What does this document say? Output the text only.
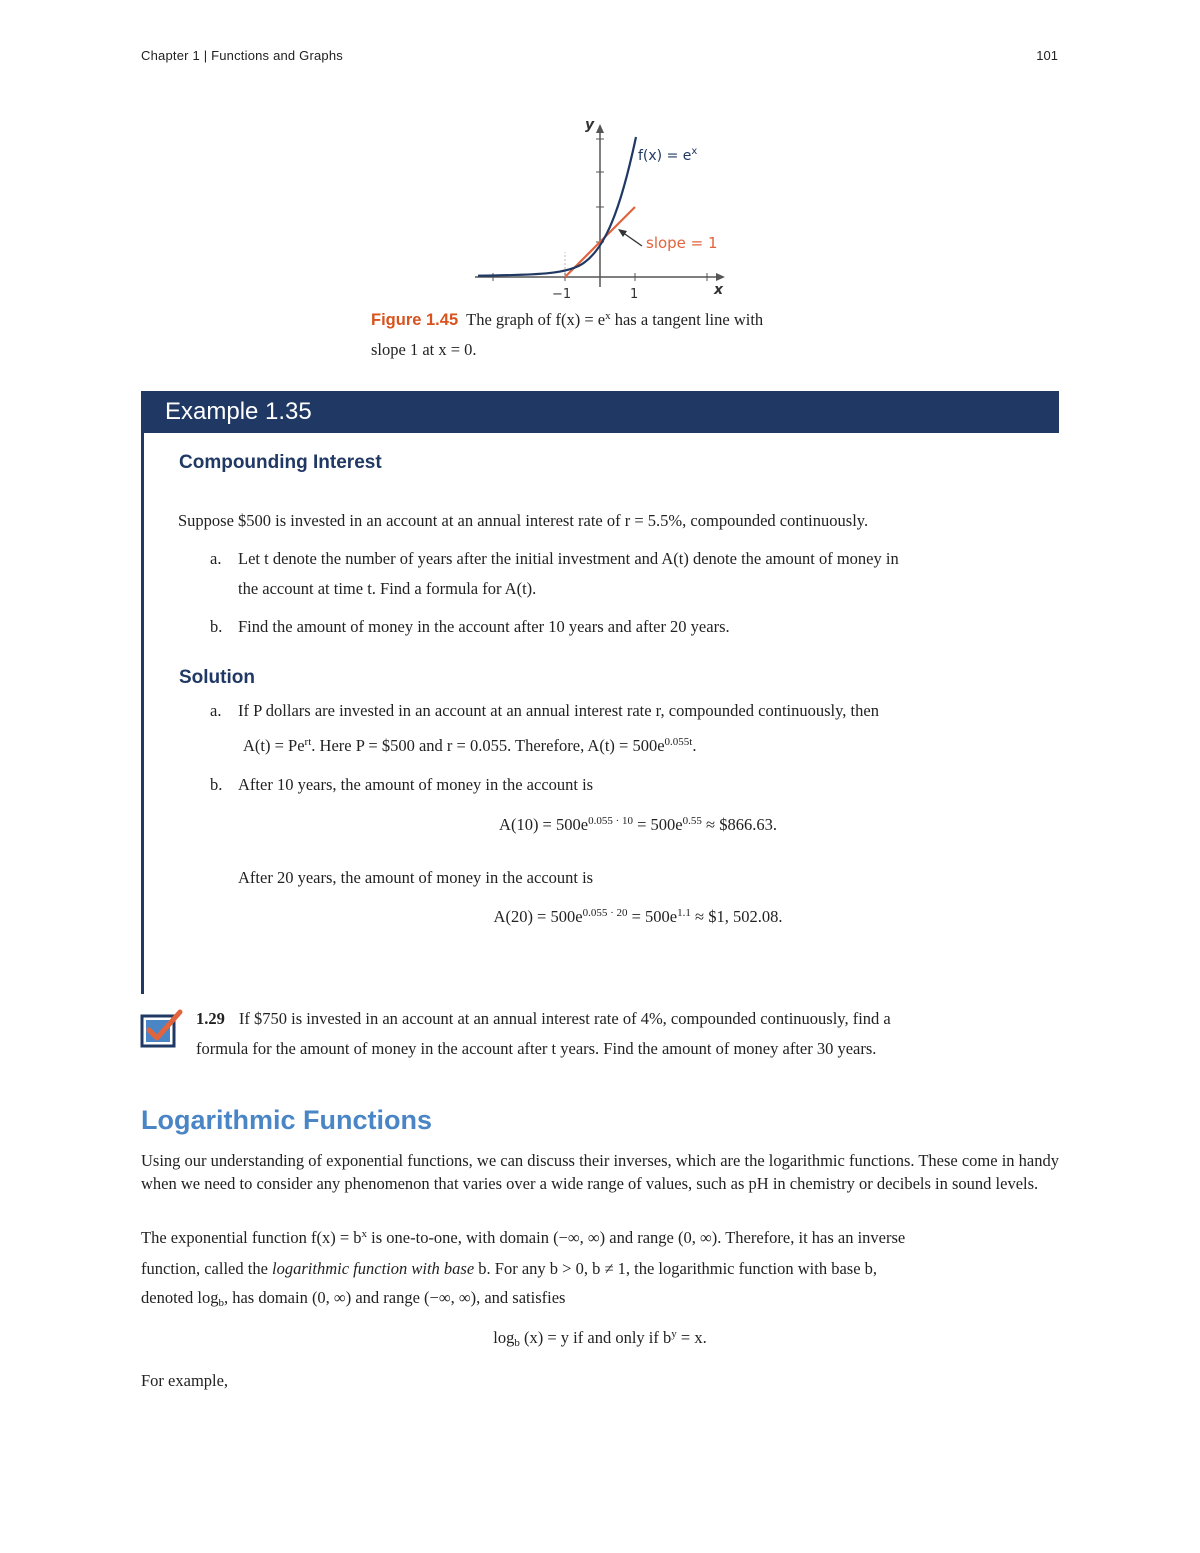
Chapter 1 | Functions and Graphs	101
y
x
−1	1
$f(x) = e^x$
slope = 1
Figure 1.45 The graph of $f(x) = e^x$ has a tangent line with
slope 1 at x = 0.
Example 1.35
Compounding Interest
Suppose $500 is invested in an account at an annual interest rate of r = 5.5%, compounded continuously.
a. Let t denote the number of years after the initial investment and A(t) denote the amount of money in
the account at time t. Find a formula for A(t).
b. Find the amount of money in the account after 10 years and after 20 years.
Solution
a. If P dollars are invested in an account at an annual interest rate r, compounded continuously, then
$A(t) = Pe^{rt}$. Here P = $500 and r = 0.055. Therefore, $A(t) = 500e^{0.055t}$.
b. After 10 years, the amount of money in the account is
$A(10) = 500e^{0.055 \cdot 10} = 500e^{0.55}$ ≈ $866.63.
After 20 years, the amount of money in the account is
$A(20) = 500e^{0.055 \cdot 20} = 500e^{1.1}$ ≈ $1, 502.08.
1.29 If $750 is invested in an account at an annual interest rate of 4%, compounded continuously, find a
formula for the amount of money in the account after t years. Find the amount of money after 30 years.
Logarithmic Functions
Using our understanding of exponential functions, we can discuss their inverses, which are the logarithmic functions. These come in handy when we need to consider any phenomenon that varies over a wide range of values, such as pH in chemistry or decibels in sound levels.
The exponential function $f(x) = b^x$ is one-to-one, with domain (−∞, ∞) and range (0, ∞). Therefore, it has an inverse
function, called the logarithmic function with base b. For any b > 0, b ≠ 1, the logarithmic function with base b,
denoted $\log_b$, has domain (0, ∞) and range (−∞, ∞), and satisfies
$\log_b (x) = y$ if and only if $b^y = x$.
For example,
